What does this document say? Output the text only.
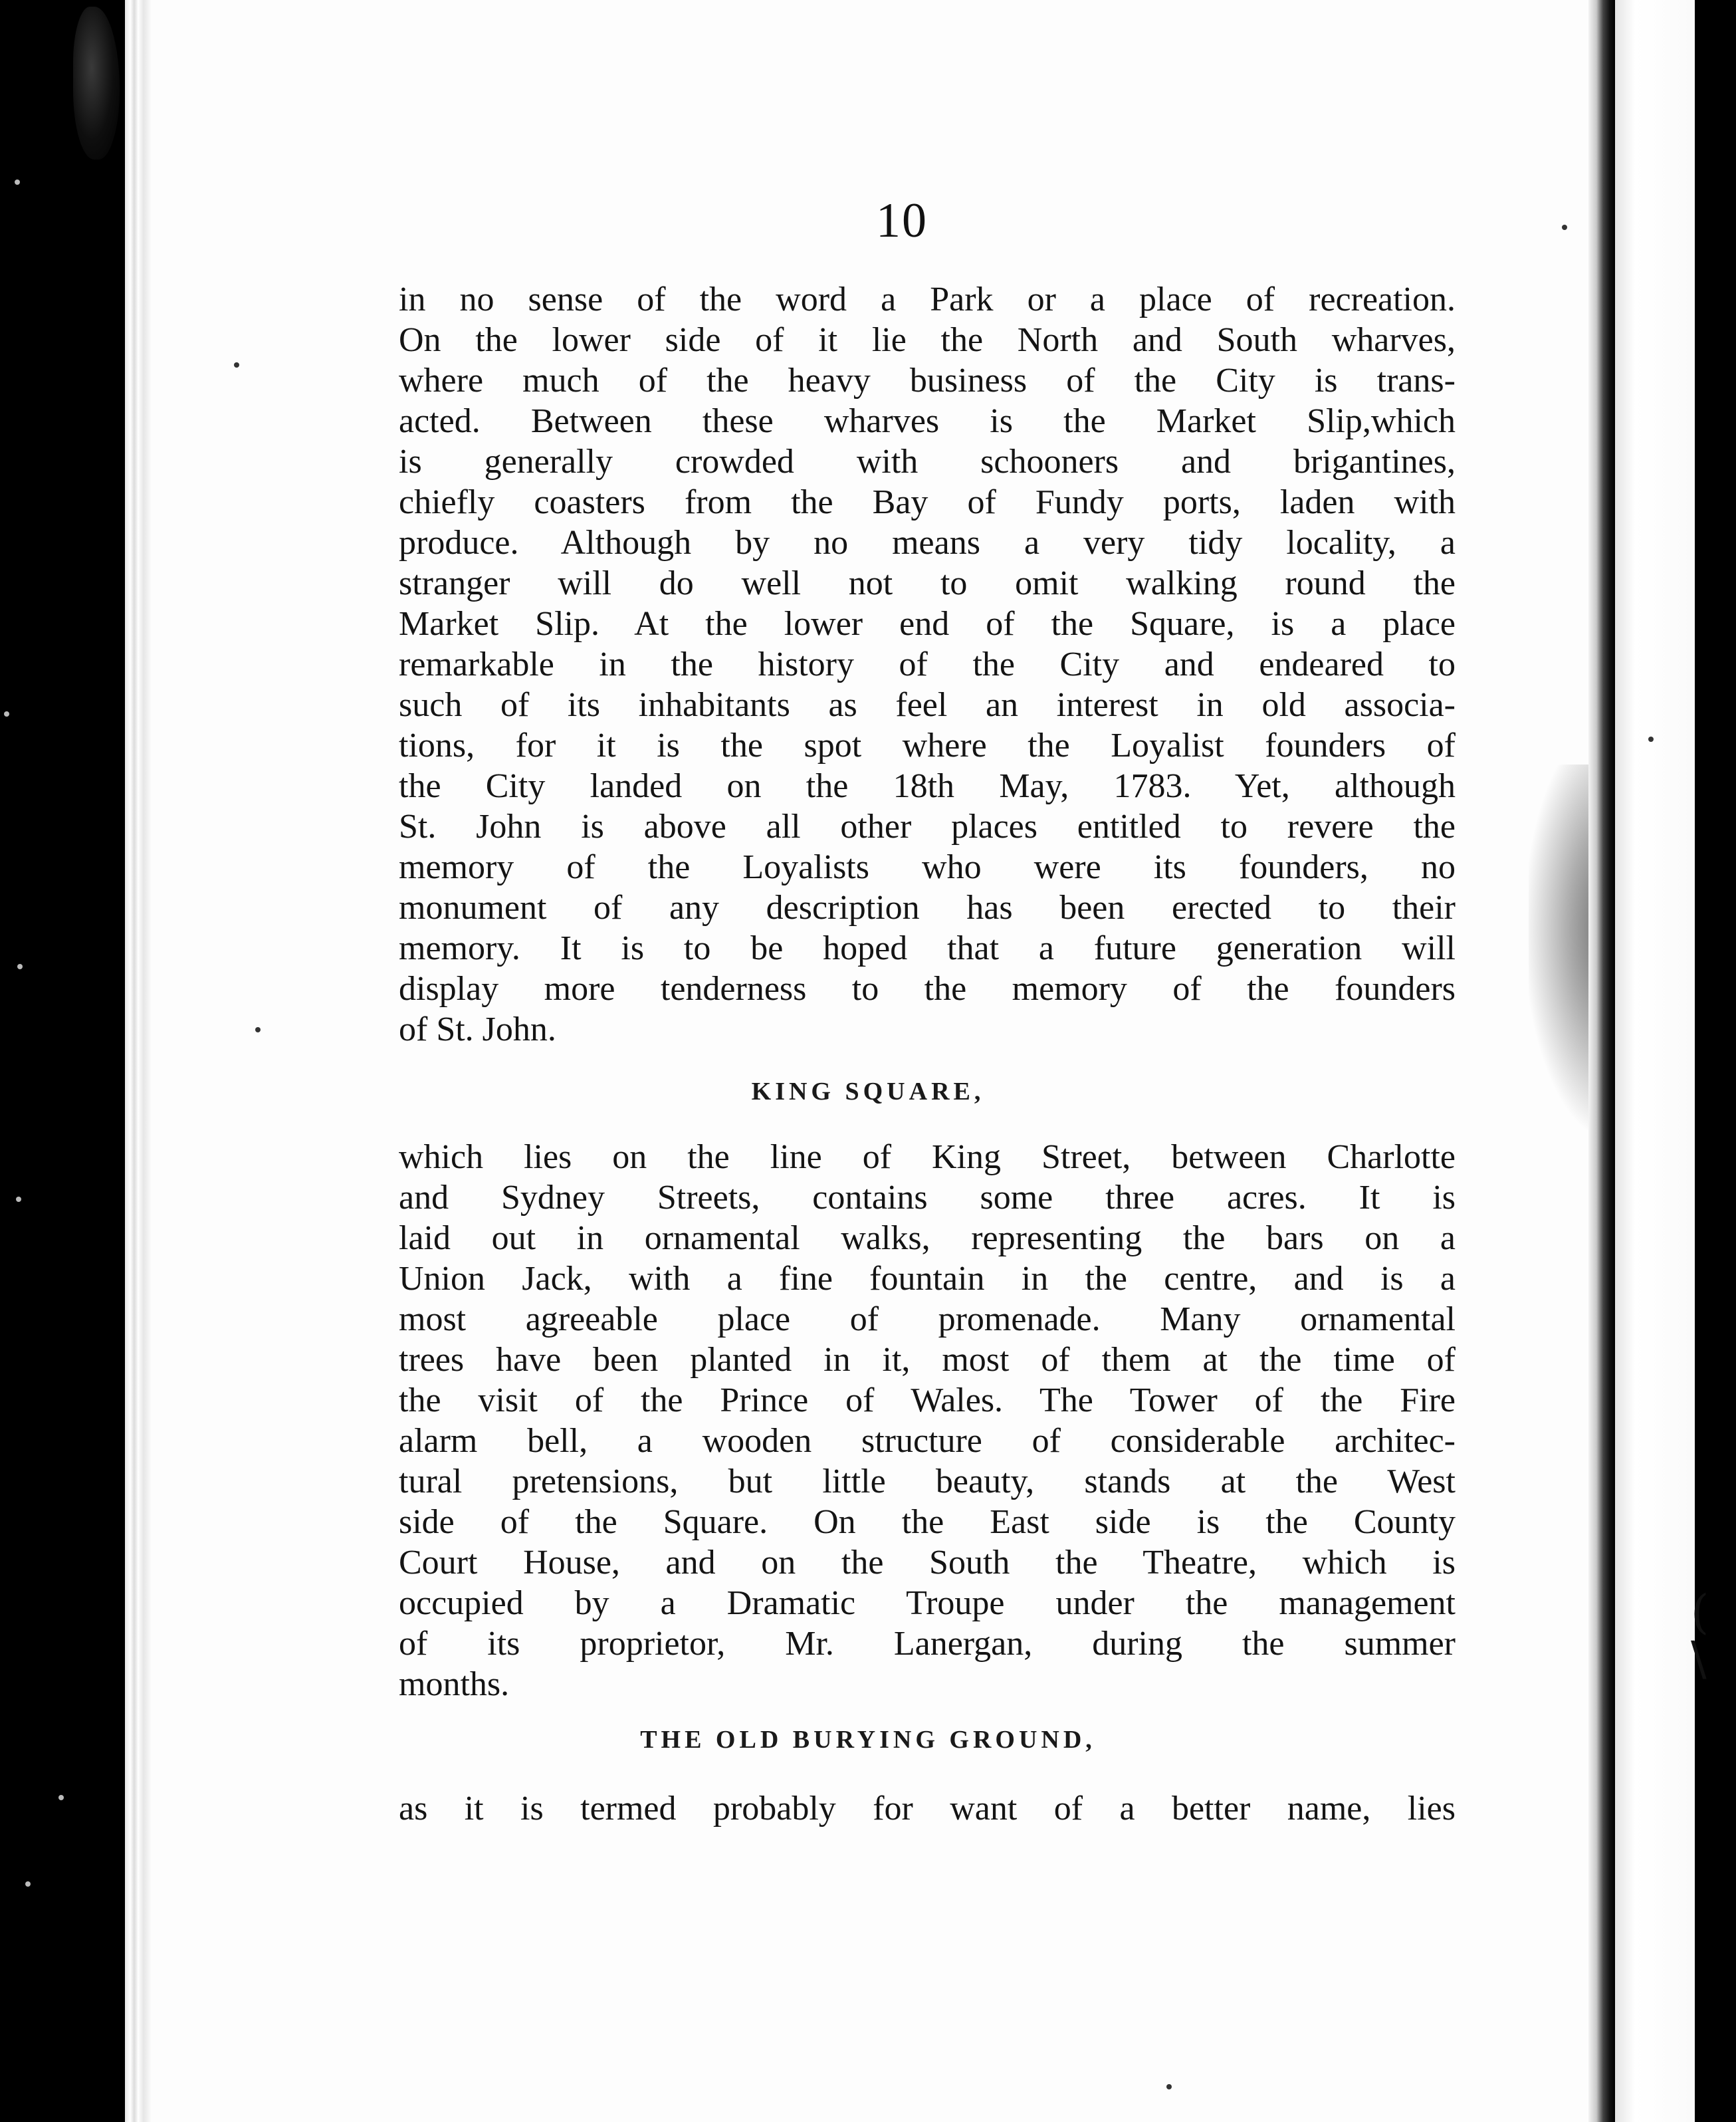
(
\
10
in no sense of the word a Park or a place of recreation.
On the lower side of it lie the North and South wharves,
where much of the heavy business of the City is trans-
acted. Between these wharves is the Market Slip,which
is generally crowded with schooners and brigantines,
chiefly coasters from the Bay of Fundy ports, laden with
produce. Although by no means a very tidy locality, a
stranger will do well not to omit walking round the
Market Slip. At the lower end of the Square, is a place
remarkable in the history of the City and endeared to
such of its inhabitants as feel an interest in old associa-
tions, for it is the spot where the Loyalist founders of
the City landed on the 18th May, 1783. Yet, although
St. John is above all other places entitled to revere the
memory of the Loyalists who were its founders, no
monument of any description has been erected to their
memory. It is to be hoped that a future generation will
display more tenderness to the memory of the founders
of St. John.
KING SQUARE,
which lies on the line of King Street, between Charlotte
and Sydney Streets, contains some three acres. It is
laid out in ornamental walks, representing the bars on a
Union Jack, with a fine fountain in the centre, and is a
most agreeable place of promenade. Many ornamental
trees have been planted in it, most of them at the time of
the visit of the Prince of Wales. The Tower of the Fire
alarm bell, a wooden structure of considerable architec-
tural pretensions, but little beauty, stands at the West
side of the Square. On the East side is the County
Court House, and on the South the Theatre, which is
occupied by a Dramatic Troupe under the management
of its proprietor, Mr. Lanergan, during the summer
months.
THE OLD BURYING GROUND,
as it is termed probably for want of a better name, lies
